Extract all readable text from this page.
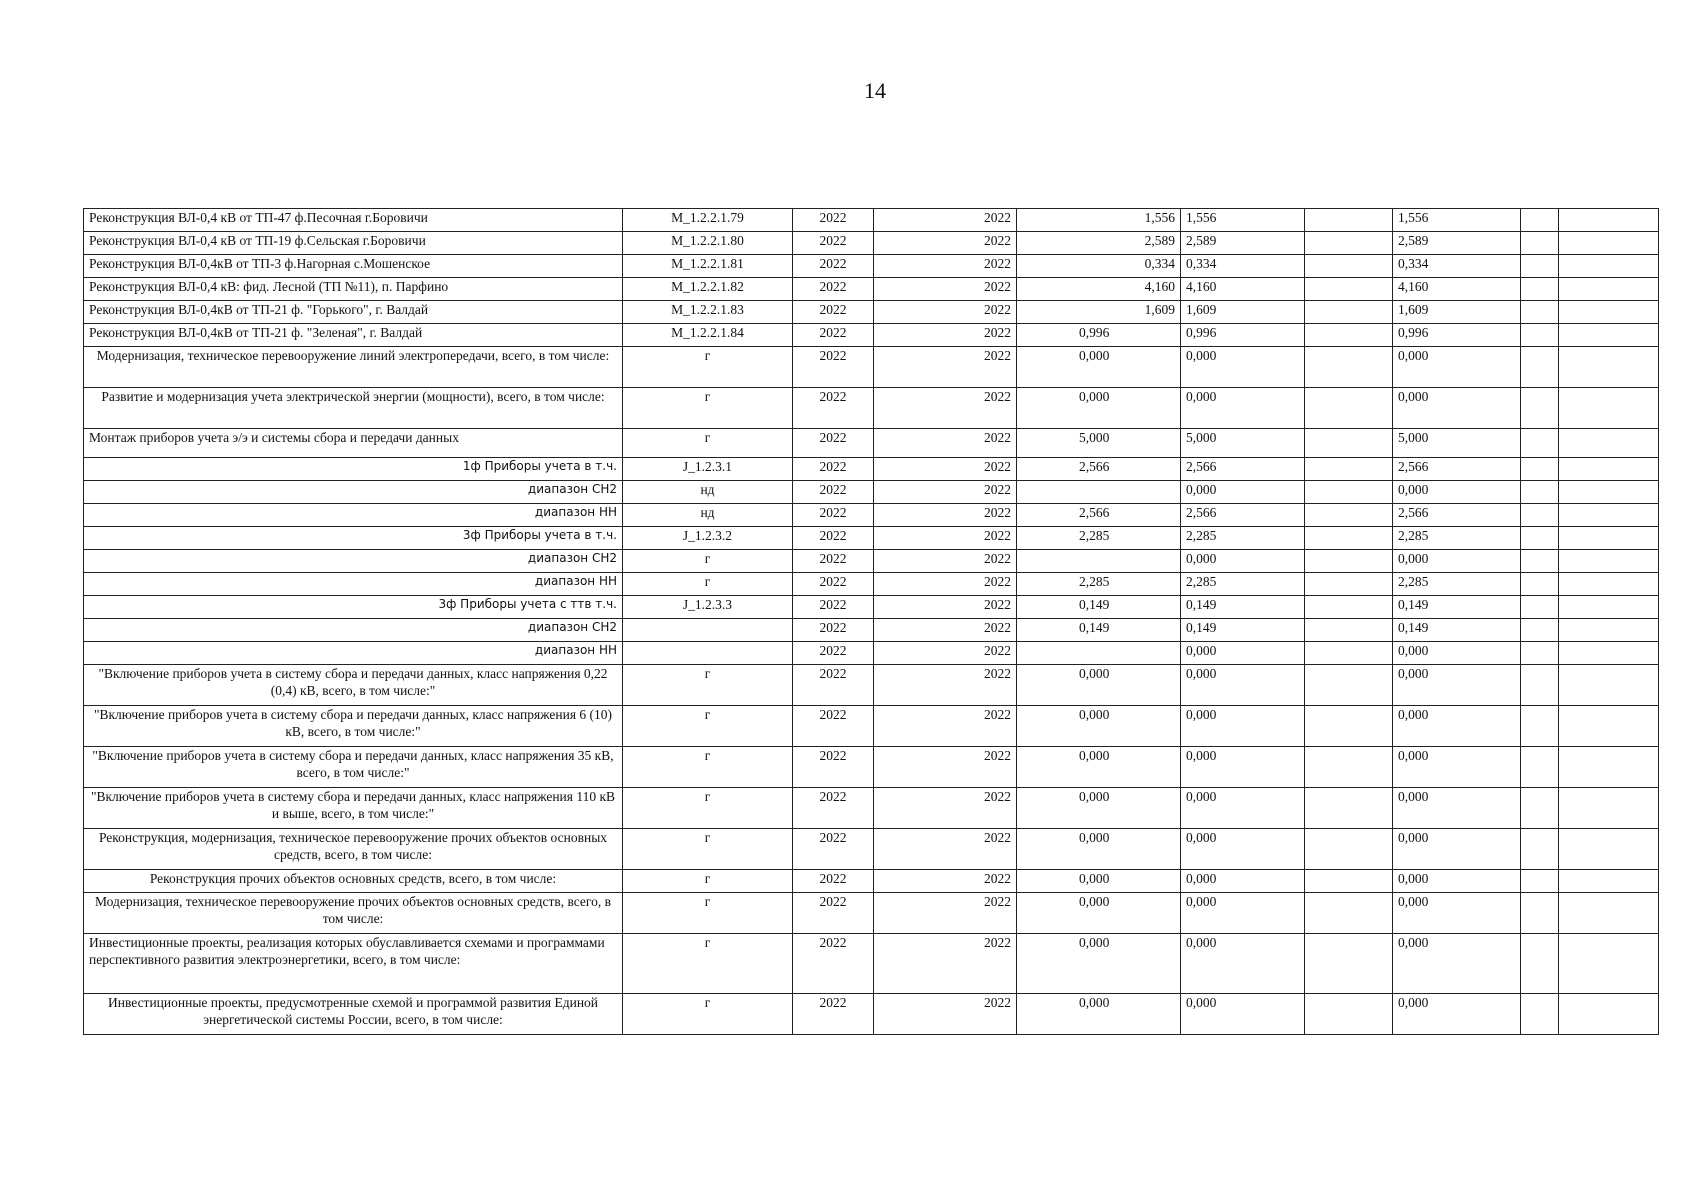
14
Реконструкция ВЛ-0,4 кВ от ТП-47 ф.Песочная г.Боровичи	M_1.2.2.1.79	2022	2022	1,556	1,556		1,556		
Реконструкция ВЛ-0,4 кВ от ТП-19 ф.Сельская г.Боровичи	M_1.2.2.1.80	2022	2022	2,589	2,589		2,589		
Реконструкция ВЛ-0,4кВ от ТП-3 ф.Нагорная с.Мошенское	M_1.2.2.1.81	2022	2022	0,334	0,334		0,334		
Реконструкция ВЛ-0,4 кВ: фид. Лесной (ТП №11), п. Парфино	M_1.2.2.1.82	2022	2022	4,160	4,160		4,160		
Реконструкция ВЛ-0,4кВ от ТП-21 ф. "Горького", г. Валдай	M_1.2.2.1.83	2022	2022	1,609	1,609		1,609		
Реконструкция ВЛ-0,4кВ от ТП-21 ф. "Зеленая", г. Валдай	M_1.2.2.1.84	2022	2022	0,996	0,996		0,996		
Модернизация, техническое перевооружение линий электропередачи, всего, в том числе:	г	2022	2022	0,000	0,000		0,000		
Развитие и модернизация учета электрической энергии (мощности), всего, в том числе:	г	2022	2022	0,000	0,000		0,000		
Монтаж приборов учета э/э и системы сбора и передачи данных	г	2022	2022	5,000	5,000		5,000		
1ф Приборы учета в т.ч.	J_1.2.3.1	2022	2022	2,566	2,566		2,566		
диапазон СН2	нд	2022	2022		0,000		0,000		
диапазон НН	нд	2022	2022	2,566	2,566		2,566		
3ф Приборы учета в т.ч.	J_1.2.3.2	2022	2022	2,285	2,285		2,285		
диапазон СН2	г	2022	2022		0,000		0,000		
диапазон НН	г	2022	2022	2,285	2,285		2,285		
3ф Приборы учета с ттв т.ч.	J_1.2.3.3	2022	2022	0,149	0,149		0,149		
диапазон СН2		2022	2022	0,149	0,149		0,149		
диапазон НН		2022	2022		0,000		0,000		
"Включение приборов учета в систему сбора и передачи данных, класс напряжения 0,22 (0,4) кВ, всего, в том числе:"	г	2022	2022	0,000	0,000		0,000		
"Включение приборов учета в систему сбора и передачи данных, класс напряжения 6 (10) кВ, всего, в том числе:"	г	2022	2022	0,000	0,000		0,000		
"Включение приборов учета в систему сбора и передачи данных, класс напряжения 35 кВ, всего, в том числе:"	г	2022	2022	0,000	0,000		0,000		
"Включение приборов учета в систему сбора и передачи данных, класс напряжения 110 кВ и выше, всего, в том числе:"	г	2022	2022	0,000	0,000		0,000		
Реконструкция, модернизация, техническое перевооружение прочих объектов основных средств, всего, в том числе:	г	2022	2022	0,000	0,000		0,000		
Реконструкция прочих объектов основных средств, всего, в том числе:	г	2022	2022	0,000	0,000		0,000		
Модернизация, техническое перевооружение прочих объектов основных средств, всего, в том числе:	г	2022	2022	0,000	0,000		0,000		
Инвестиционные проекты, реализация которых обуславливается схемами и программами перспективного развития электроэнергетики, всего, в том числе:	г	2022	2022	0,000	0,000		0,000		
Инвестиционные проекты, предусмотренные схемой и программой развития Единой энергетической системы России, всего, в том числе:	г	2022	2022	0,000	0,000		0,000		
